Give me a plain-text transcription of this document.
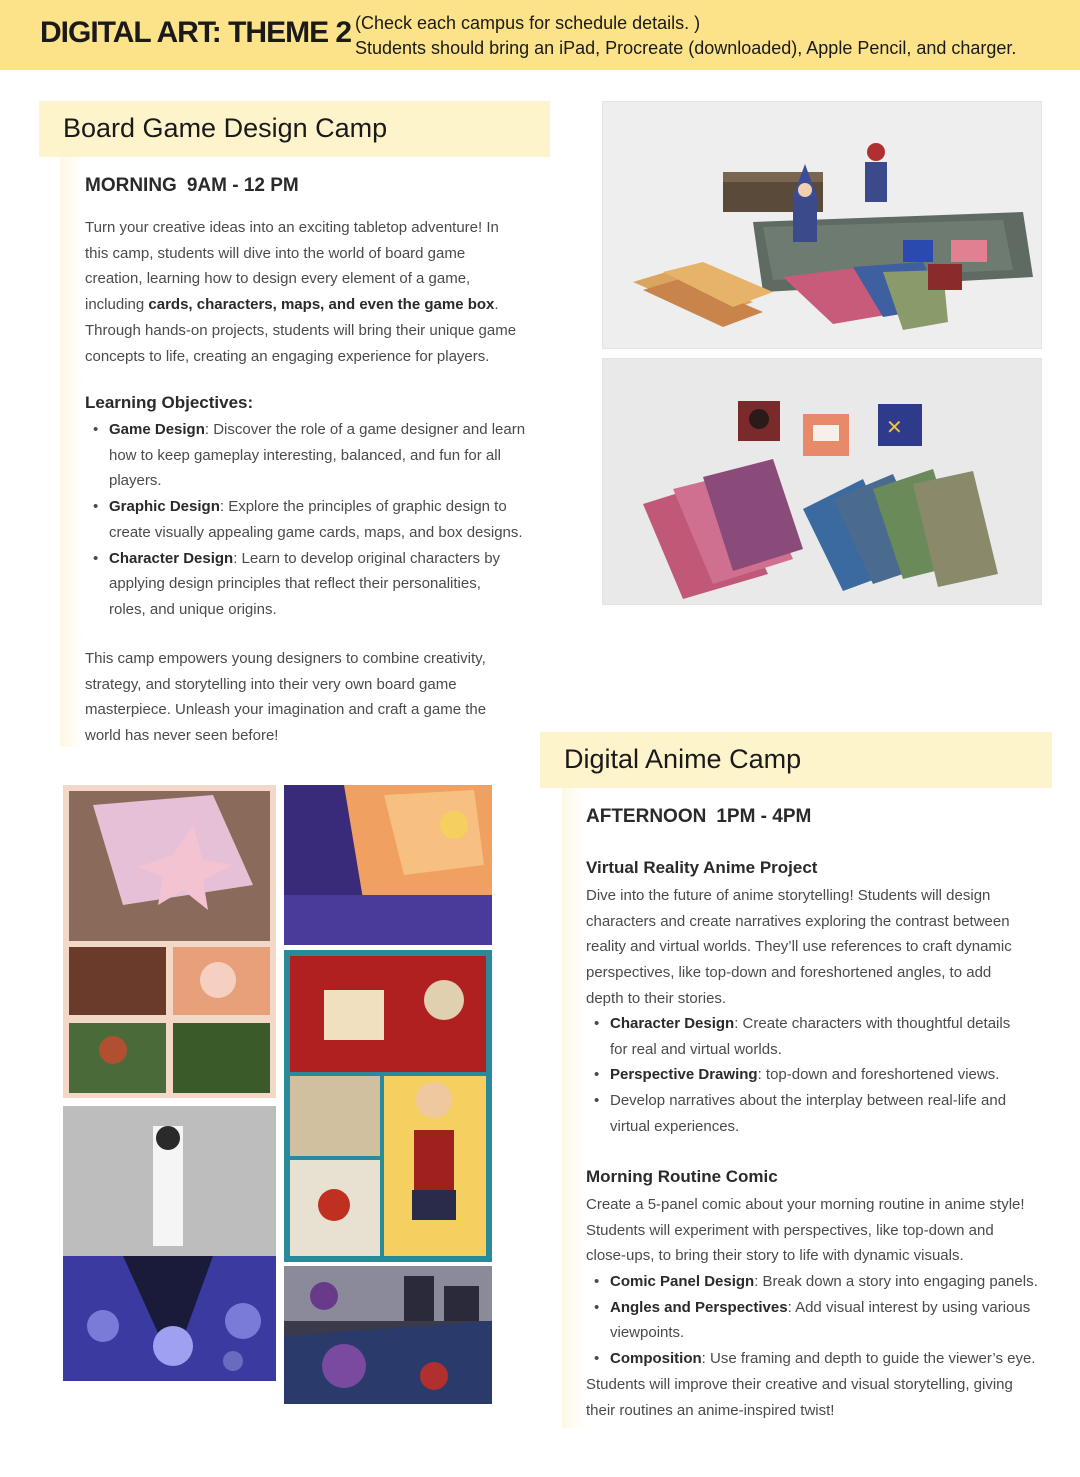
DIGITAL ART: THEME 2 (Check each campus for schedule details. )
Students should bring an iPad, Procreate (downloaded), Apple Pencil, and charger.
Board Game Design Camp
MORNING 9AM - 12 PM
Turn your creative ideas into an exciting tabletop adventure! In
this camp, students will dive into the world of board game
creation, learning how to design every element of a game,
including cards, characters, maps, and even the game box.
Through hands-on projects, students will bring their unique game
concepts to life, creating an engaging experience for players.
Learning Objectives:
• Game Design: Discover the role of a game designer and learn
how to keep gameplay interesting, balanced, and fun for all
players.
• Graphic Design: Explore the principles of graphic design to
create visually appealing game cards, maps, and box designs.
• Character Design: Learn to develop original characters by
applying design principles that reflect their personalities,
roles, and unique origins.
This camp empowers young designers to combine creativity,
strategy, and storytelling into their very own board game
masterpiece. Unleash your imagination and craft a game the
world has never seen before!
✕
Digital Anime Camp
AFTERNOON 1PM - 4PM
Virtual Reality Anime Project
Dive into the future of anime storytelling! Students will design
characters and create narratives exploring the contrast between
reality and virtual worlds. They’ll use references to craft dynamic
perspectives, like top-down and foreshortened angles, to add
depth to their stories.
• Character Design: Create characters with thoughtful details
for real and virtual worlds.
• Perspective Drawing: top-down and foreshortened views.
• Develop narratives about the interplay between real-life and
virtual experiences.
Morning Routine Comic
Create a 5-panel comic about your morning routine in anime style!
Students will experiment with perspectives, like top-down and
close-ups, to bring their story to life with dynamic visuals.
• Comic Panel Design: Break down a story into engaging panels.
• Angles and Perspectives: Add visual interest by using various
viewpoints.
• Composition: Use framing and depth to guide the viewer’s eye.
Students will improve their creative and visual storytelling, giving
their routines an anime-inspired twist!
